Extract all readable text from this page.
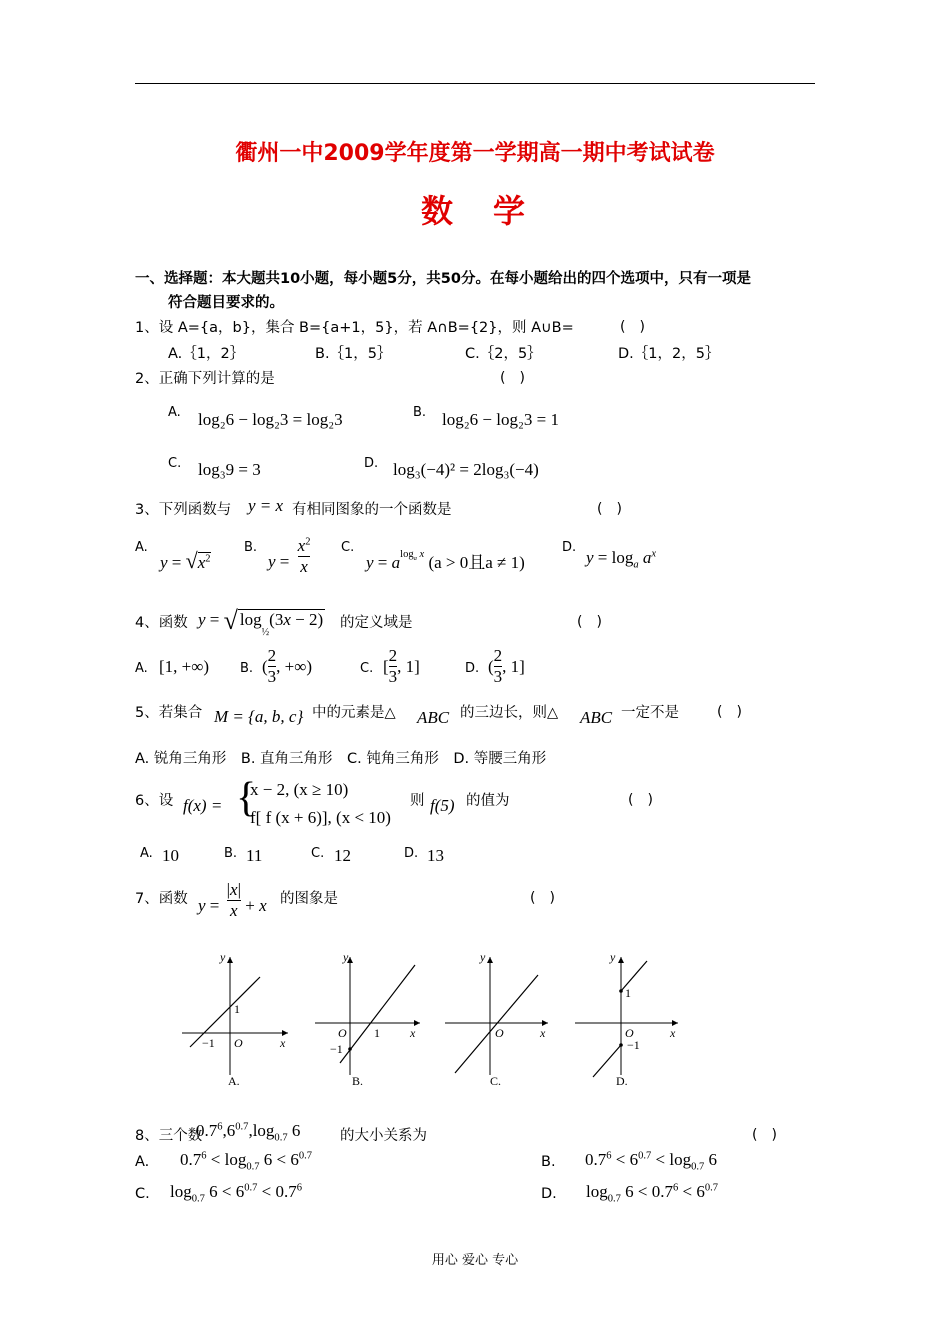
衢州一中2009学年度第一学期高一期中考试试卷
数　学
一、选择题：本大题共10小题，每小题5分，共50分。在每小题给出的四个选项中，只有一项是
符合题目要求的。
1、设 A={a，b}，集合 B={a+1，5}，若 A∩B={2}，则 A∪B=	(　)
A.｛1，2｝	B.｛1，5｝	C.｛2，5｝	D.｛1，2，5｝
2、正确下列计算的是	(　)
A. log₂6 − log₂3 = log₂3	B. log₂6 − log₂3 = 1
C. log₃9 = 3	D. log₃(−4)² = 2log₃(−4)
3、下列函数与 y = x 有相同图象的一个函数是	(　)
A.
$y = √x^2$
B.
$y = \frac{x^2}{x} C$.
$y = a^{log_a x}$ (a > 0且a ≠ 1)
D.
$y = \log_a a^x$
4、函数 y = √ $\log_{\frac{1}{2}}(3x - 2)$ 的定义域是	(　)
A. [1, +∞) B. ( $\frac{2}{3}$ , +∞)	C. [ $\frac{2}{3}$ , 1]	D. ( $\frac{2}{3}$ , 1]
5、若集合 M = {a, b, c} 中的元素是△ ABC 的三边长，则△ ABC 一定不是	(　)
A. 锐角三角形　B. 直角三角形　C. 钝角三角形　D. 等腰三角形
6、设 f(x) = {
x − 2, (x ≥ 10)
f[ f (x + 6)], (x < 10)
则 f(5) 的值为	(　)
A. 10	B. 11	C. 12	D. 13
7、函数 $y = \frac{|x|}{x} + x$ 的图象是	(　)
y
x
O
1
−1
A.
y
x
O 1
−1
B.
y
x
O
C.
y
x
O
1
−1
D.
8、三个数
$0.7^6,6^{0.7},\log_{0.7}$ 6	的大小关系为	(　)
A. $0.7^6 < \log_{0.7} 6 < 6^{0.7}$	B. $0.7^6 < 6^{0.7} < \log_{0.7} 6$
C. $\log_{0.7} 6 < 6^{0.7} < 0.7^6$	D. $\log_{0.7} 6 < 0.7^6 < 6^{0.7}$
用心 爱心 专心
